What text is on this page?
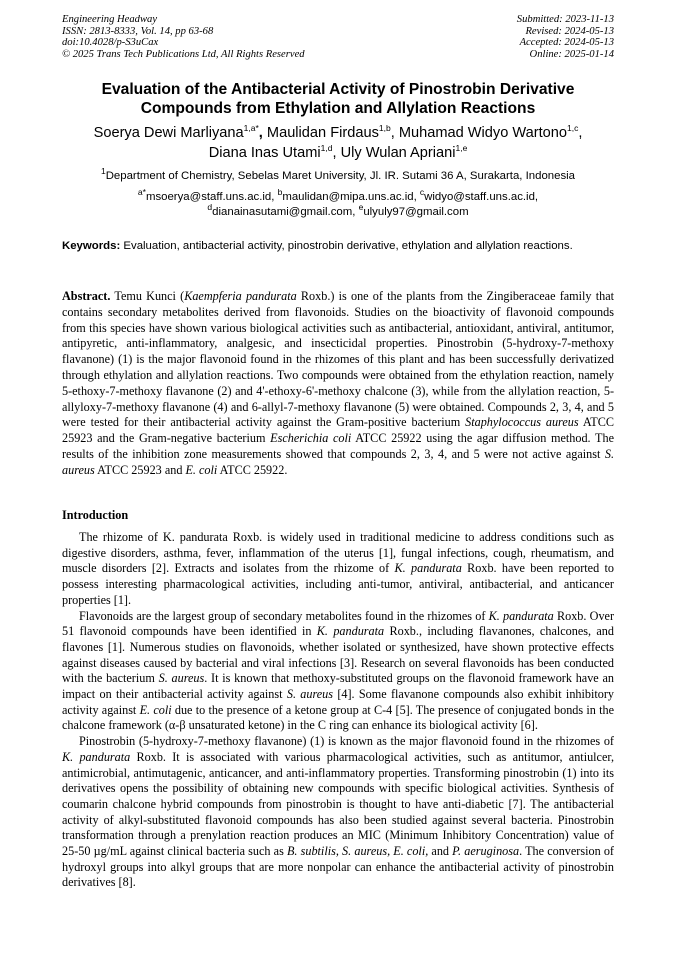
Engineering Headway
ISSN: 2813-8333, Vol. 14, pp 63-68
doi:10.4028/p-S3uCax
© 2025 Trans Tech Publications Ltd, All Rights Reserved
Submitted: 2023-11-13
Revised: 2024-05-13
Accepted: 2024-05-13
Online: 2025-01-14
Evaluation of the Antibacterial Activity of Pinostrobin Derivative
Compounds from Ethylation and Allylation Reactions
Soerya Dewi Marliyana$^{1,a*}$, Maulidan Firdaus$^{1,b}$, Muhamad Widyo Wartono$^{1,c}$,
Diana Inas Utami$^{1,d}$, Uly Wulan Apriani$^{1,e}$
$^1$Department of Chemistry, Sebelas Maret University, Jl. IR. Sutami 36 A, Surakarta, Indonesia
$^{a*}$msoerya@staff.uns.ac.id, $^b$maulidan@mipa.uns.ac.id, $^c$widyo@staff.uns.ac.id,
$^d$dianainasutami@gmail.com, $^e$ulyuly97@gmail.com
Keywords: Evaluation, antibacterial activity, pinostrobin derivative, ethylation and allylation reactions.
Abstract. Temu Kunci (Kaempferia pandurata Roxb.) is one of the plants from the Zingiberaceae family that contains secondary metabolites derived from flavonoids. Studies on the bioactivity of flavonoid compounds from this species have shown various biological activities such as antibacterial, antioxidant, antiviral, antitumor, antipyretic, anti-inflammatory, analgesic, and insecticidal properties. Pinostrobin (5-hydroxy-7-methoxy flavanone) (1) is the major flavonoid found in the rhizomes of this plant and has been successfully derivatized through ethylation and allylation reactions. Two compounds were obtained from the ethylation reaction, namely 5-ethoxy-7-methoxy flavanone (2) and 4'-ethoxy-6'-methoxy chalcone (3), while from the allylation reaction, 5-allyloxy-7-methoxy flavanone (4) and 6-allyl-7-methoxy flavanone (5) were obtained. Compounds 2, 3, 4, and 5 were tested for their antibacterial activity against the Gram-positive bacterium Staphylococcus aureus ATCC 25923 and the Gram-negative bacterium Escherichia coli ATCC 25922 using the agar diffusion method. The results of the inhibition zone measurements showed that compounds 2, 3, 4, and 5 were not active against S. aureus ATCC 25923 and E. coli ATCC 25922.
Introduction

The rhizome of K. pandurata Roxb. is widely used in traditional medicine to address conditions such as digestive disorders, asthma, fever, inflammation of the uterus [1], fungal infections, cough, rheumatism, and muscle disorders [2]. Extracts and isolates from the rhizome of K. pandurata Roxb. have been reported to possess interesting pharmacological activities, including anti-tumor, antiviral, antibacterial, and anticancer properties [1].

Flavonoids are the largest group of secondary metabolites found in the rhizomes of K. pandurata Roxb. Over 51 flavonoid compounds have been identified in K. pandurata Roxb., including flavanones, chalcones, and flavones [1]. Numerous studies on flavonoids, whether isolated or synthesized, have shown protective effects against diseases caused by bacterial and viral infections [3]. Research on several flavonoids has been conducted with the bacterium S. aureus. It is known that methoxy-substituted groups on the flavonoid framework have an impact on their antibacterial activity against S. aureus [4]. Some flavanone compounds also exhibit inhibitory activity against E. coli due to the presence of a ketone group at C-4 [5]. The presence of conjugated bonds in the chalcone framework (α-β unsaturated ketone) in the C ring can enhance its biological activity [6].

Pinostrobin (5-hydroxy-7-methoxy flavanone) (1) is known as the major flavonoid found in the rhizomes of K. pandurata Roxb. It is associated with various pharmacological activities, such as antitumor, antiulcer, antimicrobial, antimutagenic, anticancer, and anti-inflammatory properties. Transforming pinostrobin (1) into its derivatives opens the possibility of obtaining new compounds with specific biological activities. Synthesis of coumarin chalcone hybrid compounds from pinostrobin is thought to have anti-diabetic [7]. The antibacterial activity of alkyl-substituted flavonoid compounds has also been studied against several bacteria. Pinostrobin transformation through a prenylation reaction produces an MIC (Minimum Inhibitory Concentration) value of 25-50 µg/mL against clinical bacteria such as B. subtilis, S. aureus, E. coli, and P. aeruginosa. The conversion of hydroxyl groups into alkyl groups that are more nonpolar can enhance the antibacterial activity of pinostrobin derivatives [8].
